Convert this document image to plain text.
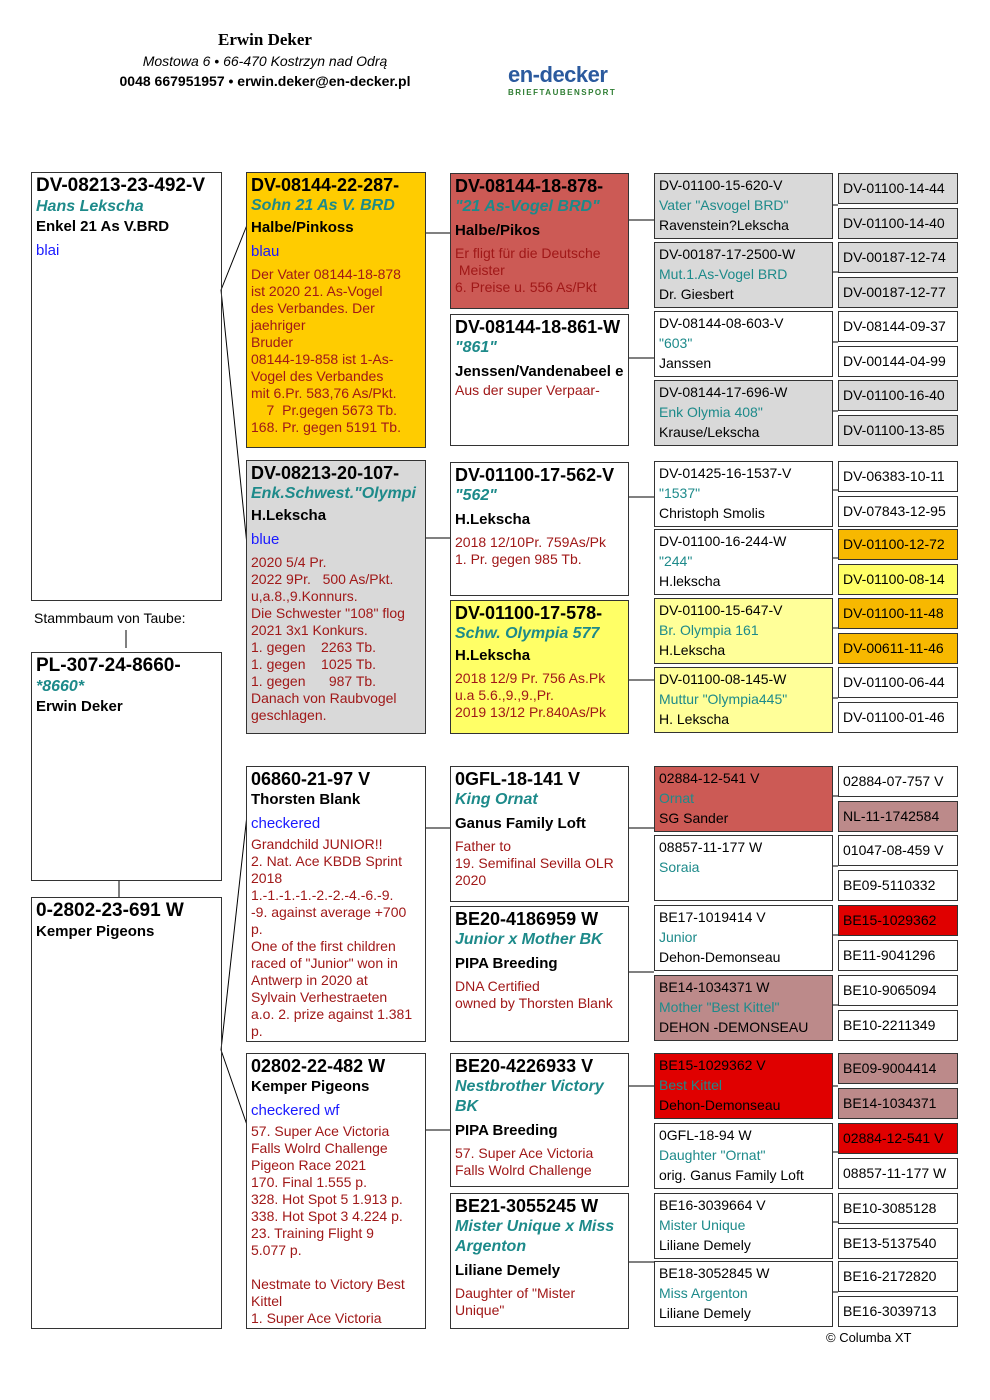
Erwin Deker
Mostowa 6 • 66-470 Kostrzyn nad Odrą
0048 667951957 • erwin.deker@en-decker.pl	en-decker
BRIEFTAUBENSPORT
DV-08213-23-492-V
Hans Lekscha
Enkel 21 As V.BRD
blai
Stammbaum von Taube:
PL-307-24-8660-
*8660*
Erwin Deker
0-2802-23-691 W
Kemper Pigeons
DV-08144-22-287-
Sohn 21 As V. BRD
Halbe/Pinkoss
blau
Der Vater 08144-18-878
ist 2020 21. As-Vogel
des Verbandes. Der
jaehriger
Bruder
08144-19-858 ist 1-As-
Vogel des Verbandes
mit 6.Pr. 583,76 As/Pkt.
7  Pr.gegen 5673 Tb.
168. Pr. gegen 5191 Tb.
DV-08213-20-107-
Enk.Schwest."Olympi
H.Lekscha
blue
2020 5/4 Pr.
2022 9Pr.   500 As/Pkt.
u,a.8.,9.Konnurs.
Die Schwester "108" flog
2021 3x1 Konkurs.
1. gegen    2263 Tb.
1. gegen    1025 Tb.
1. gegen      987 Tb.
Danach von Raubvogel
geschlagen.
06860-21-97 V
Thorsten Blank
checkered
Grandchild JUNIOR!!
2. Nat. Ace KBDB Sprint
2018
1.-1.-1.-1.-2.-2.-4.-6.-9.
-9. against average +700
p.
One of the first children
raced of "Junior" won in
Antwerp in 2020 at
Sylvain Verhestraeten
a.o. 2. prize against 1.381
p.
02802-22-482 W
Kemper Pigeons
checkered wf
57. Super Ace Victoria
Falls Wolrd Challenge
Pigeon Race 2021
170. Final 1.555 p.
328. Hot Spot 5 1.913 p.
338. Hot Spot 3 4.224 p.
23. Training Flight 9
5.077 p.

Nestmate to Victory Best
Kittel
1. Super Ace Victoria
DV-08144-18-878-
"21 As-Vogel BRD"
Halbe/Pikos
Er fligt für die Deutsche
Meister
6. Preise u. 556 As/Pkt
DV-08144-18-861-W
"861"
Jenssen/Vandenabeel e
Aus der super Verpaar-
DV-01100-17-562-V
"562"
H.Lekscha
2018 12/10Pr. 759As/Pk
1. Pr. gegen 985 Tb.
DV-01100-17-578-
Schw. Olympia 577
H.Lekscha
2018 12/9 Pr. 756 As.Pk
u.a 5.6.,9.,9.,Pr.
2019 13/12 Pr.840As/Pk
0GFL-18-141 V
King Ornat
Ganus Family Loft
Father to
19. Semifinal Sevilla OLR
2020
BE20-4186959 W
Junior x Mother BK
PIPA Breeding
DNA Certified
owned by Thorsten Blank
BE20-4226933 V
Nestbrother Victory BK
PIPA Breeding
57. Super Ace Victoria
Falls Wolrd Challenge
BE21-3055245 W
Mister Unique x Miss Argenton
Liliane Demely
Daughter of "Mister
Unique"
DV-01100-15-620-V
Vater "Asvogel BRD"
Ravenstein?Lekscha
DV-00187-17-2500-W
Mut.1.As-Vogel BRD
Dr. Giesbert
DV-08144-08-603-V
"603"
Janssen
DV-08144-17-696-W
Enk Olymia 408"
Krause/Lekscha
DV-01425-16-1537-V
"1537"
Christoph Smolis
DV-01100-16-244-W
"244"
H.lekscha
DV-01100-15-647-V
Br. Olympia 161
H.Lekscha
DV-01100-08-145-W
Muttur "Olympia445"
H. Lekscha
02884-12-541 V
Ornat
SG Sander
08857-11-177 W
Soraia
BE17-1019414 V
Junior
Dehon-Demonseau
BE14-1034371 W
Mother "Best Kittel"
DEHON -DEMONSEAU
BE15-1029362 V
Best Kittel
Dehon-Demonseau
0GFL-18-94 W
Daughter "Ornat"
orig. Ganus Family Loft
BE16-3039664 V
Mister Unique
Liliane Demely
BE18-3052845 W
Miss Argenton
Liliane Demely
DV-01100-14-44
DV-01100-14-40
DV-00187-12-74
DV-00187-12-77
DV-08144-09-37
DV-00144-04-99
DV-01100-16-40
DV-01100-13-85
DV-06383-10-11
DV-07843-12-95
DV-01100-12-72
DV-01100-08-14
DV-01100-11-48
DV-00611-11-46
DV-01100-06-44
DV-01100-01-46
02884-07-757 V
NL-11-1742584
01047-08-459 V
BE09-5110332
BE15-1029362
BE11-9041296
BE10-9065094
BE10-2211349
BE09-9004414
BE14-1034371
02884-12-541 V
08857-11-177 W
BE10-3085128
BE13-5137540
BE16-2172820
BE16-3039713
© Columba XT
